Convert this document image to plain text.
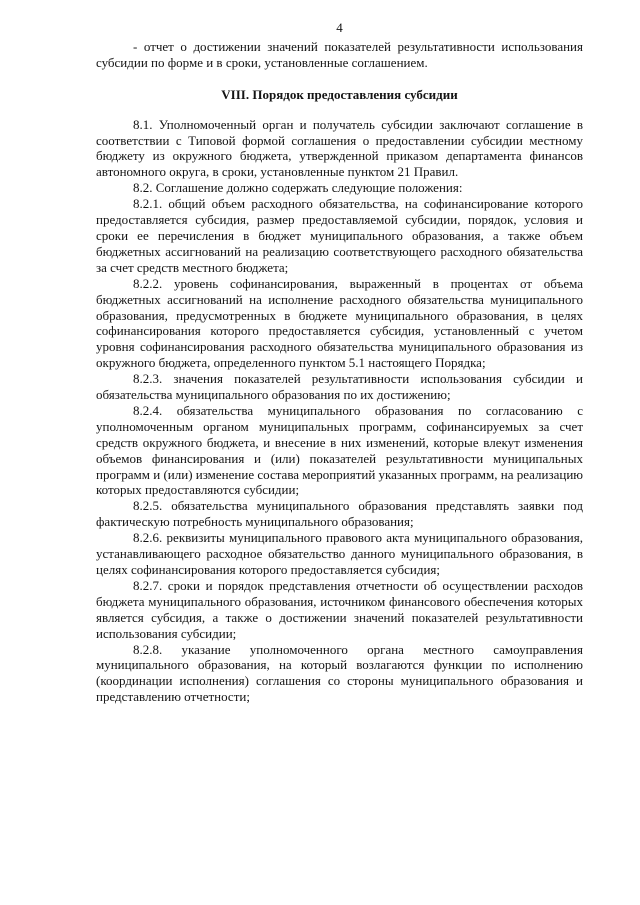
4

- отчет о достижении значений показателей результативности использования субсидии по форме и в сроки, установленные соглашением.

VIII. Порядок предоставления субсидии

8.1. Уполномоченный орган и получатель субсидии заключают соглашение в соответствии с Типовой формой соглашения о предоставлении субсидии местному бюджету из окружного бюджета, утвержденной приказом департамента финансов автономного округа, в сроки, установленные пунктом 21 Правил.

8.2. Соглашение должно содержать следующие положения:

8.2.1. общий объем расходного обязательства, на софинансирование которого предоставляется субсидия, размер предоставляемой субсидии, порядок, условия и сроки ее перечисления в бюджет муниципального образования, а также объем бюджетных ассигнований на реализацию соответствующего расходного обязательства за счет средств местного бюджета;

8.2.2. уровень софинансирования, выраженный в процентах от объема бюджетных ассигнований на исполнение расходного обязательства муниципального образования, предусмотренных в бюджете муниципального образования, в целях софинансирования которого предоставляется субсидия, установленный с учетом уровня софинансирования расходного обязательства муниципального образования из окружного бюджета, определенного пунктом 5.1 настоящего Порядка;

8.2.3. значения показателей результативности использования субсидии и обязательства муниципального образования по их достижению;

8.2.4. обязательства муниципального образования по согласованию с уполномоченным органом муниципальных программ, софинансируемых за счет средств окружного бюджета, и внесение в них изменений, которые влекут изменения объемов финансирования и (или) показателей результативности муниципальных программ и (или) изменение состава мероприятий указанных программ, на реализацию которых предоставляются субсидии;

8.2.5. обязательства муниципального образования представлять заявки под фактическую потребность муниципального образования;

8.2.6. реквизиты муниципального правового акта муниципального образования, устанавливающего расходное обязательство данного муниципального образования, в целях софинансирования которого предоставляется субсидия;

8.2.7. сроки и порядок представления отчетности об осуществлении расходов бюджета муниципального образования, источником финансового обеспечения которых является субсидия, а также о достижении значений показателей результативности использования субсидии;

8.2.8. указание уполномоченного органа местного самоуправления муниципального образования, на который возлагаются функции по исполнению (координации исполнения) соглашения со стороны муниципального образования и представлению отчетности;
